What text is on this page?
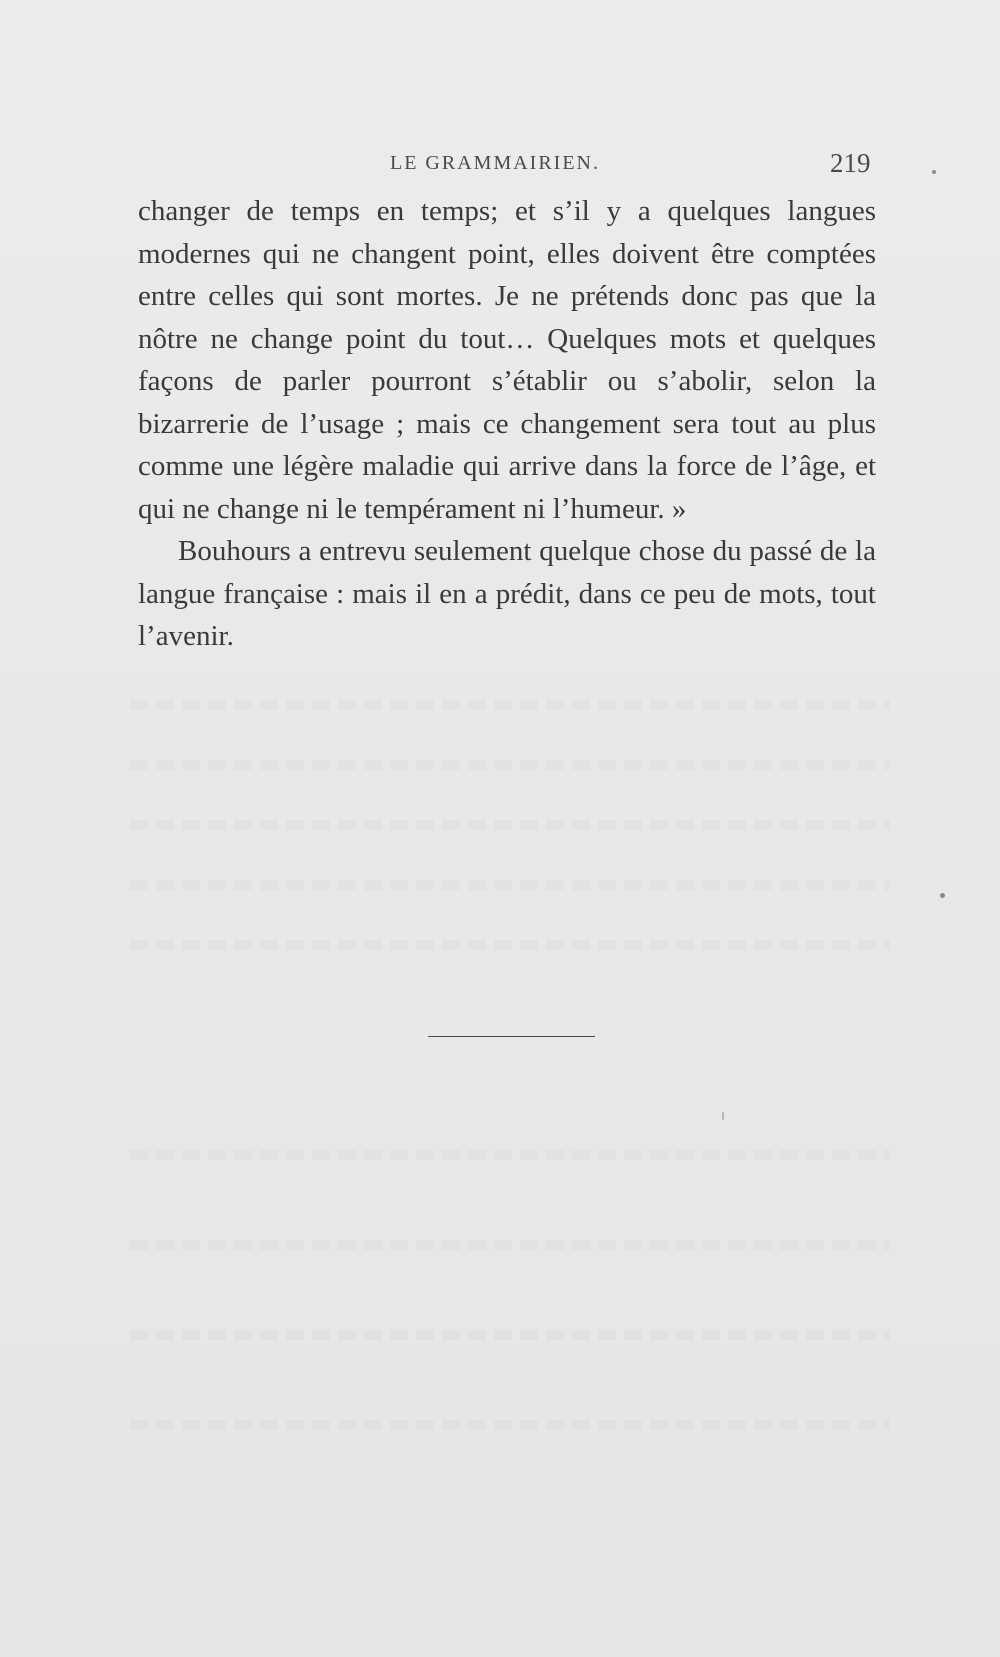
LE GRAMMAIRIEN.	219

changer de temps en temps; et s’il y a quelques langues modernes qui ne changent point, elles doivent être comptées entre celles qui sont mortes. Je ne prétends donc pas que la nôtre ne change point du tout… Quelques mots et quelques façons de parler pourront s’établir ou s’abolir, selon la bizarrerie de l’usage ; mais ce changement sera tout au plus comme une légère maladie qui arrive dans la force de l’âge, et qui ne change ni le tempérament ni l’humeur. »

Bouhours a entrevu seulement quelque chose du passé de la langue française : mais il en a prédit, dans ce peu de mots, tout l’avenir.
